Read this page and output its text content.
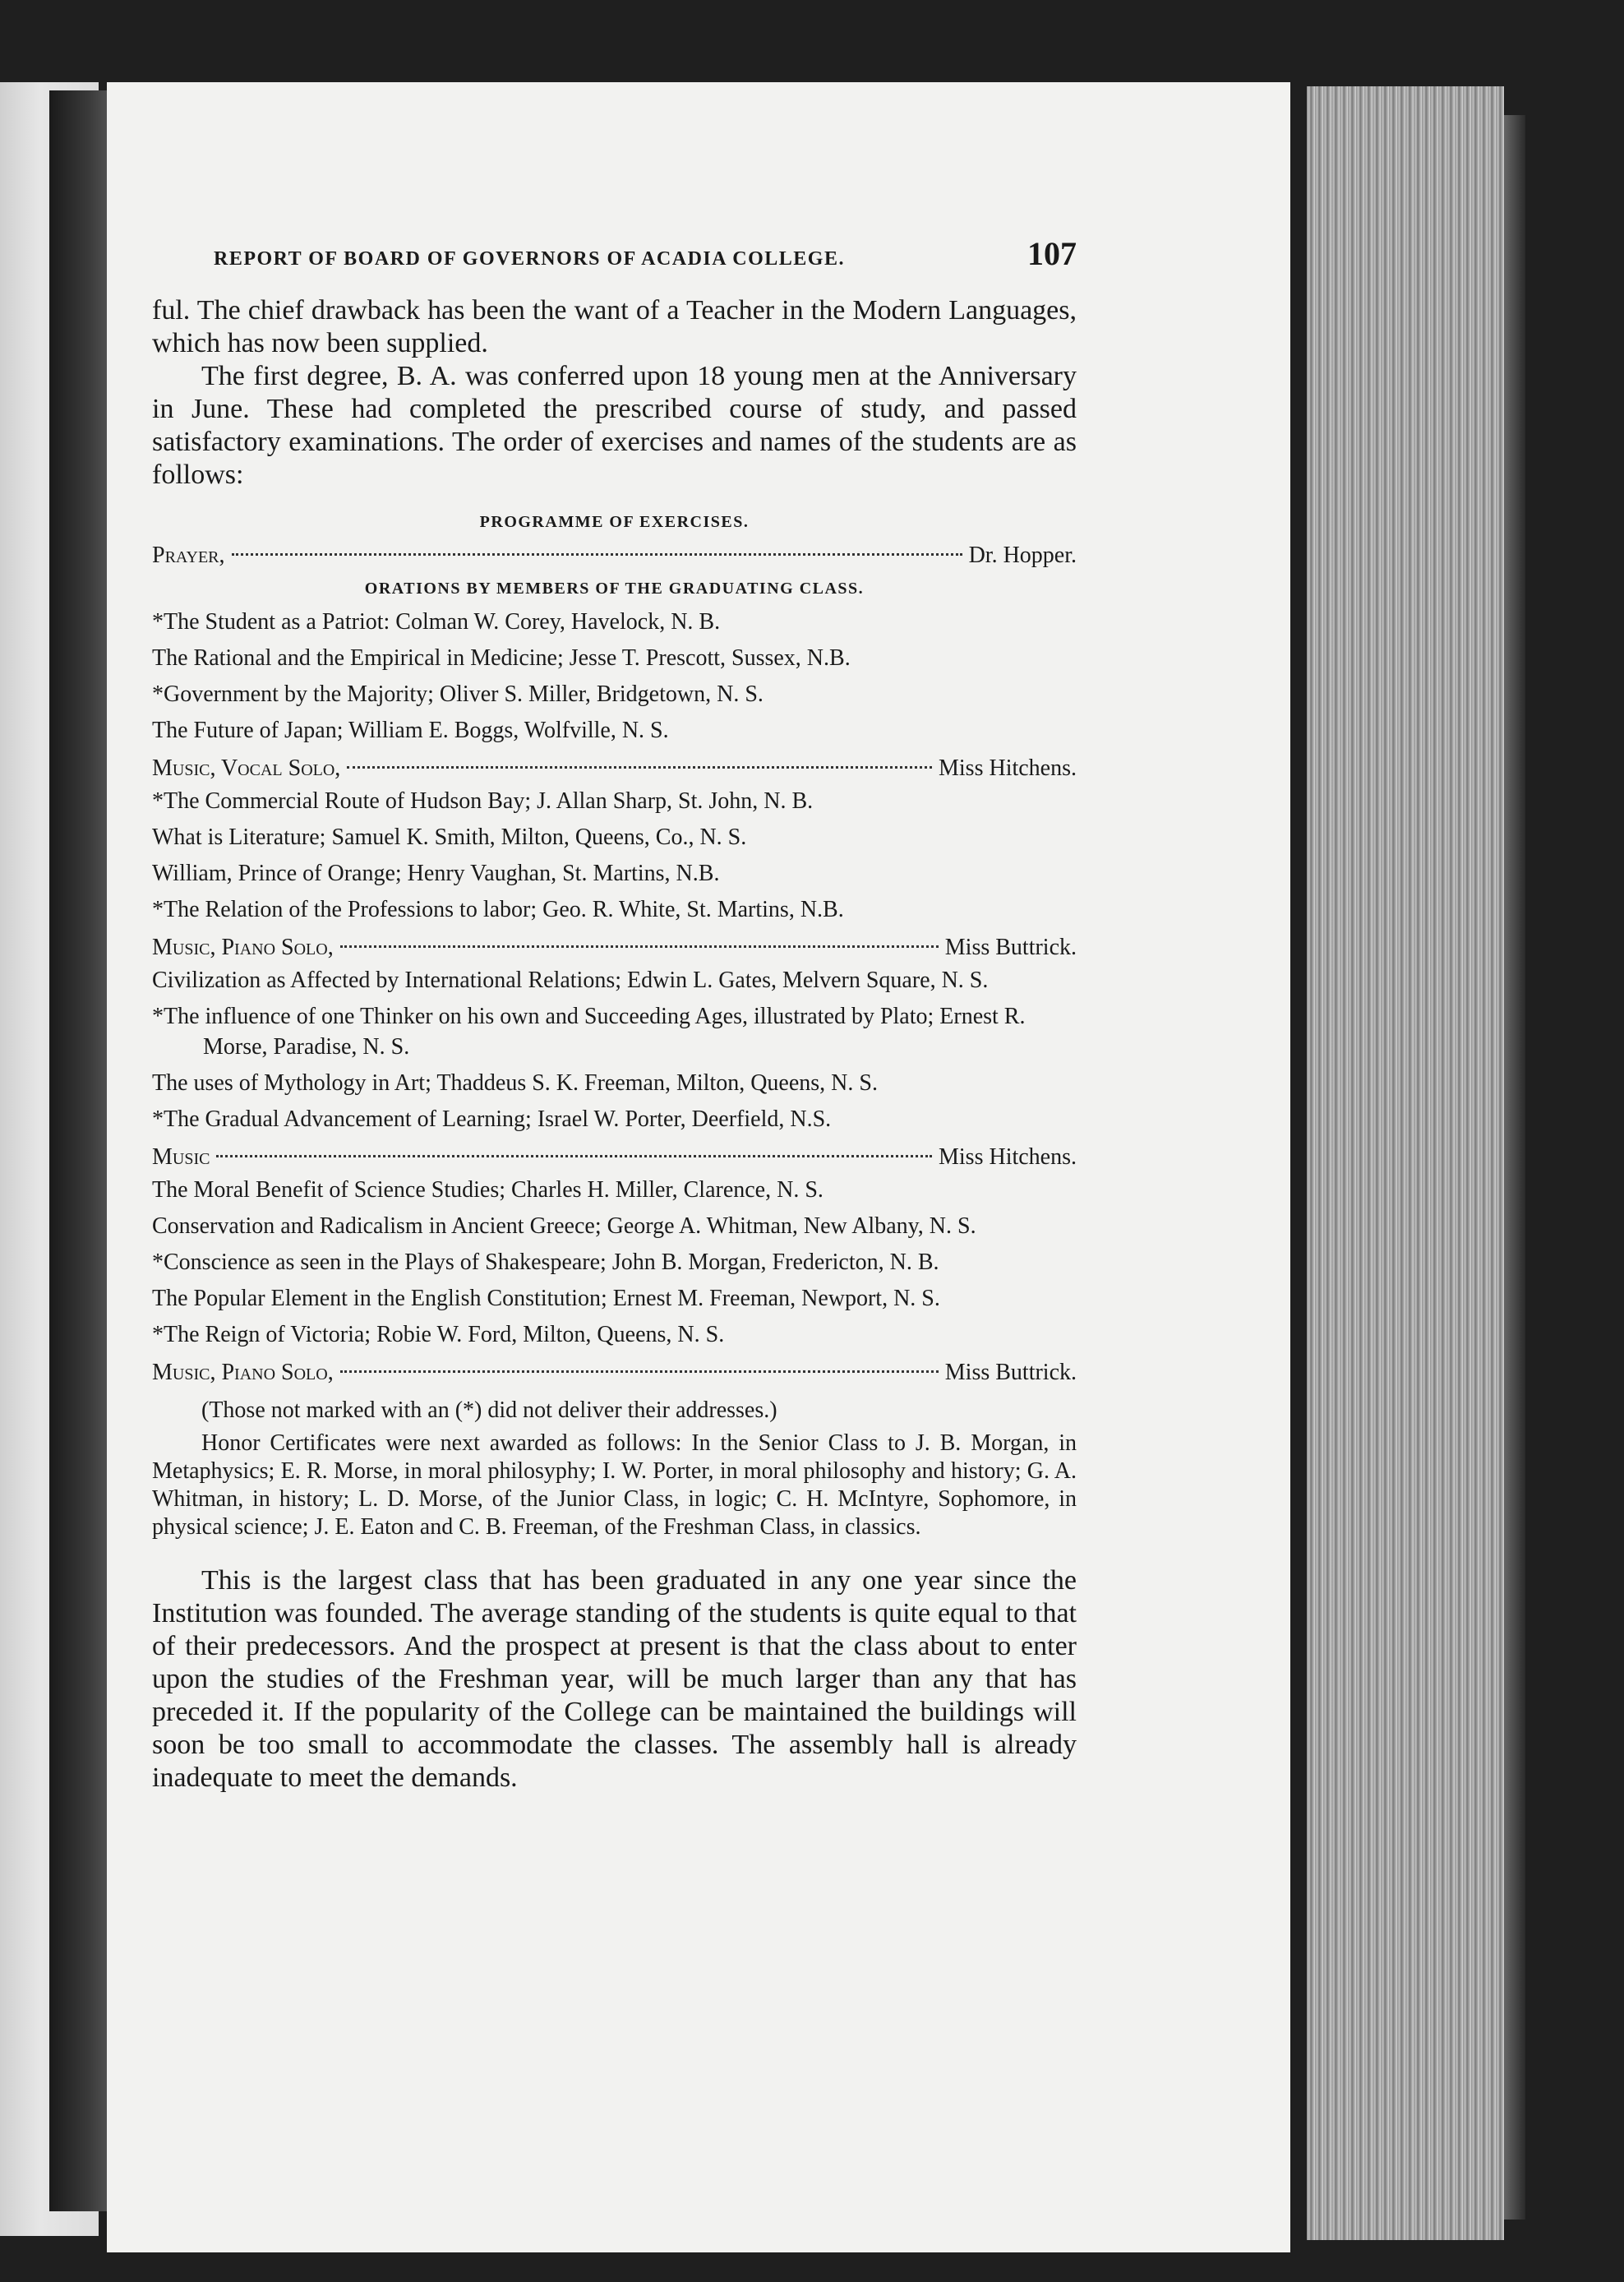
REPORT OF BOARD OF GOVERNORS OF ACADIA COLLEGE.	107

ful. The chief drawback has been the want of a Teacher in the Modern Languages, which has now been supplied.

The first degree, B. A. was conferred upon 18 young men at the Anniversary in June. These had completed the prescribed course of study, and passed satisfactory examinations. The order of exercises and names of the students are as follows:

PROGRAMME OF EXERCISES.
Prayer,	Dr. Hopper.
ORATIONS BY MEMBERS OF THE GRADUATING CLASS.
*The Student as a Patriot: Colman W. Corey, Havelock, N. B.
The Rational and the Empirical in Medicine; Jesse T. Prescott, Sussex, N.B.
*Government by the Majority; Oliver S. Miller, Bridgetown, N. S.
The Future of Japan; William E. Boggs, Wolfville, N. S.
Music, Vocal Solo,	Miss Hitchens.
*The Commercial Route of Hudson Bay; J. Allan Sharp, St. John, N. B.
What is Literature; Samuel K. Smith, Milton, Queens, Co., N. S.
William, Prince of Orange; Henry Vaughan, St. Martins, N.B.
*The Relation of the Professions to labor; Geo. R. White, St. Martins, N.B.
Music, Piano Solo,	Miss Buttrick.
Civilization as Affected by International Relations; Edwin L. Gates, Melvern Square, N. S.
*The influence of one Thinker on his own and Succeeding Ages, illustrated by Plato; Ernest R. Morse, Paradise, N. S.
The uses of Mythology in Art; Thaddeus S. K. Freeman, Milton, Queens, N. S.
*The Gradual Advancement of Learning; Israel W. Porter, Deerfield, N.S.
Music	Miss Hitchens.
The Moral Benefit of Science Studies; Charles H. Miller, Clarence, N. S.
Conservation and Radicalism in Ancient Greece; George A. Whitman, New Albany, N. S.
*Conscience as seen in the Plays of Shakespeare; John B. Morgan, Fredericton, N. B.
The Popular Element in the English Constitution; Ernest M. Freeman, Newport, N. S.
*The Reign of Victoria; Robie W. Ford, Milton, Queens, N. S.
Music, Piano Solo,	Miss Buttrick.
(Those not marked with an (*) did not deliver their addresses.)

Honor Certificates were next awarded as follows: In the Senior Class to J. B. Morgan, in Metaphysics; E. R. Morse, in moral philosyphy; I. W. Porter, in moral philosophy and history; G. A. Whitman, in history; L. D. Morse, of the Junior Class, in logic; C. H. McIntyre, Sophomore, in physical science; J. E. Eaton and C. B. Freeman, of the Freshman Class, in classics.

This is the largest class that has been graduated in any one year since the Institution was founded. The average standing of the students is quite equal to that of their predecessors. And the prospect at present is that the class about to enter upon the studies of the Freshman year, will be much larger than any that has preceded it. If the popularity of the College can be maintained the buildings will soon be too small to accommodate the classes. The assembly hall is already inadequate to meet the demands.
